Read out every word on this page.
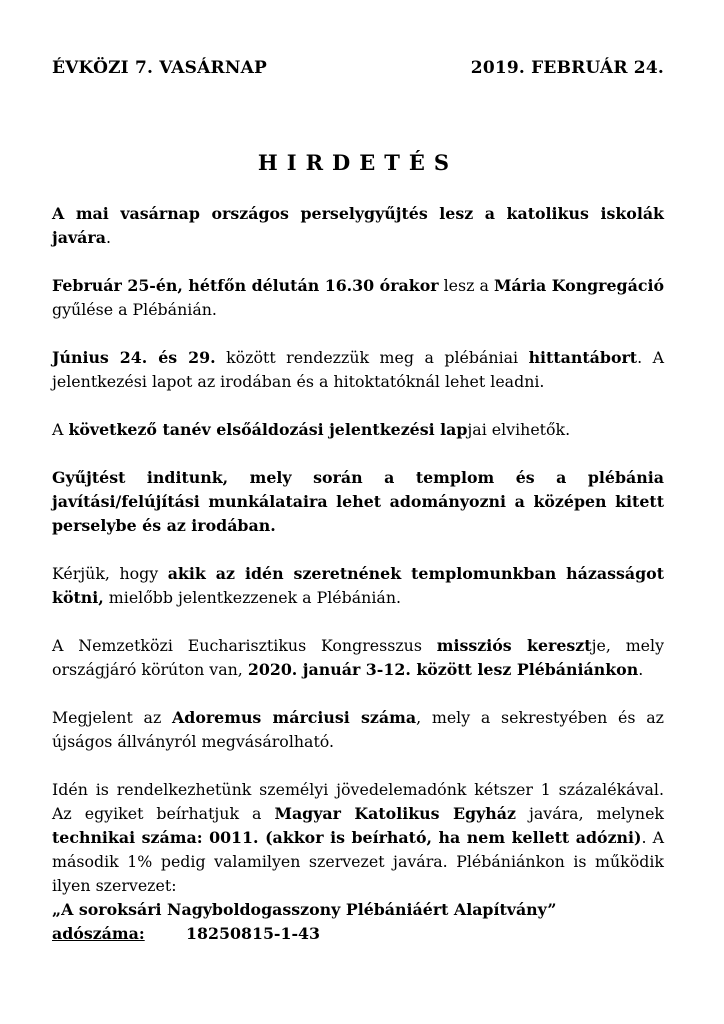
ÉVKÖZI 7. VASÁRNAP	2019. FEBRUÁR 24.
HIRDETÉS

A mai vasárnap országos perselygyűjtés lesz a katolikus iskolák javára.

Február 25-én, hétfőn délután 16.30 órakor lesz a Mária Kongregáció gyűlése a Plébánián.

Június 24. és 29. között rendezzük meg a plébániai hittantábort. A jelentkezési lapot az irodában és a hitoktatóknál lehet leadni.

A következő tanév elsőáldozási jelentkezési lapjai elvihetők.

Gyűjtést inditunk, mely során a templom és a plébánia javítási/felújítási munkálataira lehet adományozni a középen kitett perselybe és az irodában.

Kérjük, hogy akik az idén szeretnének templomunkban házasságot kötni, mielőbb jelentkezzenek a Plébánián.

A Nemzetközi Eucharisztikus Kongresszus missziós keresztje, mely országjáró körúton van, 2020. január 3-12. között lesz Plébániánkon.

Megjelent az Adoremus márciusi száma, mely a sekrestyében és az újságos állványról megvásárolható.

Idén is rendelkezhetünk személyi jövedelemadónk kétszer 1 százalékával. Az egyiket beírhatjuk a Magyar Katolikus Egyház javára, melynek technikai száma: 0011. (akkor is beírható, ha nem kellett adózni). A második 1% pedig valamilyen szervezet javára. Plébániánkon is működik ilyen szervezet:

„A soroksári Nagyboldogasszony Plébániáért Alapítvány”

adószáma:	18250815-1-43
